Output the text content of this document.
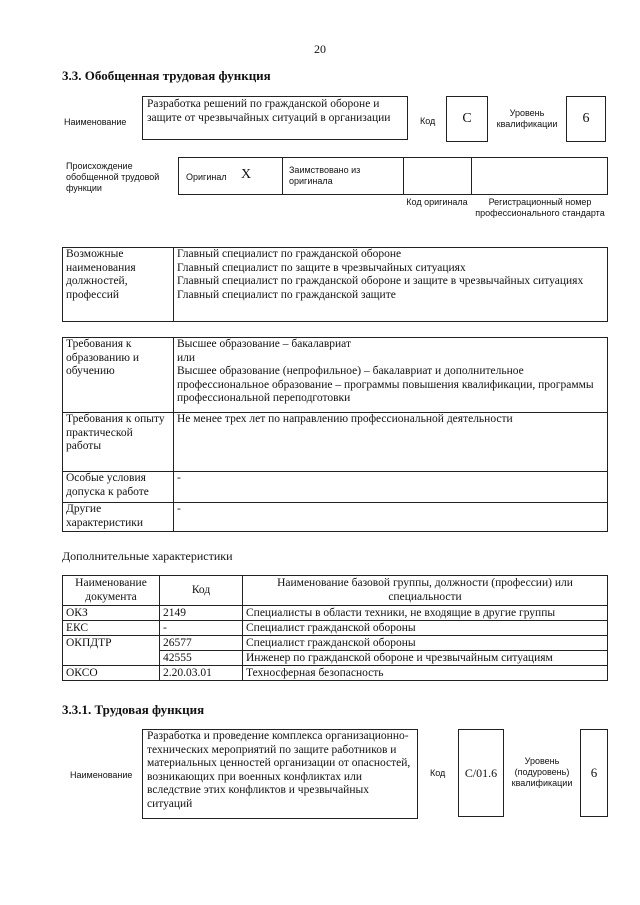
20
3.3. Обобщенная трудовая функция
Наименование
Разработка решений по гражданской обороне и защите от чрезвычайных ситуаций в организации	Код C	Уровень квалификации	6
Происхождение обобщенной трудовой функции
Оригинал X	Заимствовано из оригинала
Код оригинала	Регистрационный номер профессионального стандарта
Возможные наименования должностей, профессий	
Главный специалист по гражданской обороне
Главный специалист по защите в чрезвычайных ситуациях
Главный специалист по гражданской обороне и защите в чрезвычайных ситуациях
Главный специалист по гражданской защите
Требования к образованию и обучению	Высшее образование – бакалавриат
или
Высшее образование (непрофильное) – бакалавриат и дополнительное профессиональное образование – программы повышения квалификации, программы профессиональной переподготовки

Требования к опыту практической работы	Не менее трех лет по направлению профессиональной деятельности
Особые условия допуска к работе	-
Другие характеристики	-
Дополнительные характеристики
Наименование документа	Код	Наименование базовой группы, должности (профессии) или специальности
ОКЗ	2149	Специалисты в области техники, не входящие в другие группы
ЕКС	-	Специалист гражданской обороны
ОКПДТР	26577	Специалист гражданской обороны
	42555	Инженер по гражданской обороне и чрезвычайным ситуациям
ОКСО	2.20.03.01	Техносферная безопасность
3.3.1. Трудовая функция
Наименование
Разработка и проведение комплекса организационно-технических мероприятий по защите работников и материальных ценностей организации от опасностей, возникающих при военных конфликтах или вследствие этих конфликтов и чрезвычайных ситуаций
Код C/01.6
Уровень (подуровень) квалификации
6
